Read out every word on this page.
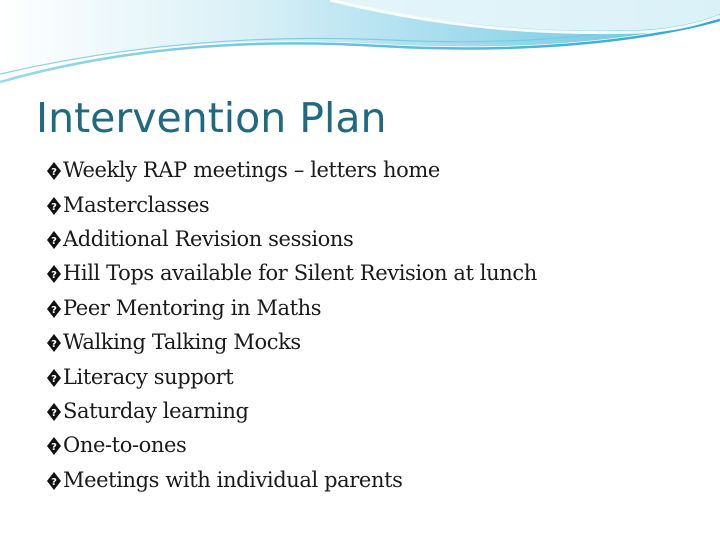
Intervention Plan
? Weekly RAP meetings – letters home
? Masterclasses
? Additional Revision sessions
? Hill Tops available for Silent Revision at lunch
? Peer Mentoring in Maths
? Walking Talking Mocks
? Literacy support
? Saturday learning
? One-to-ones
? Meetings with individual parents
